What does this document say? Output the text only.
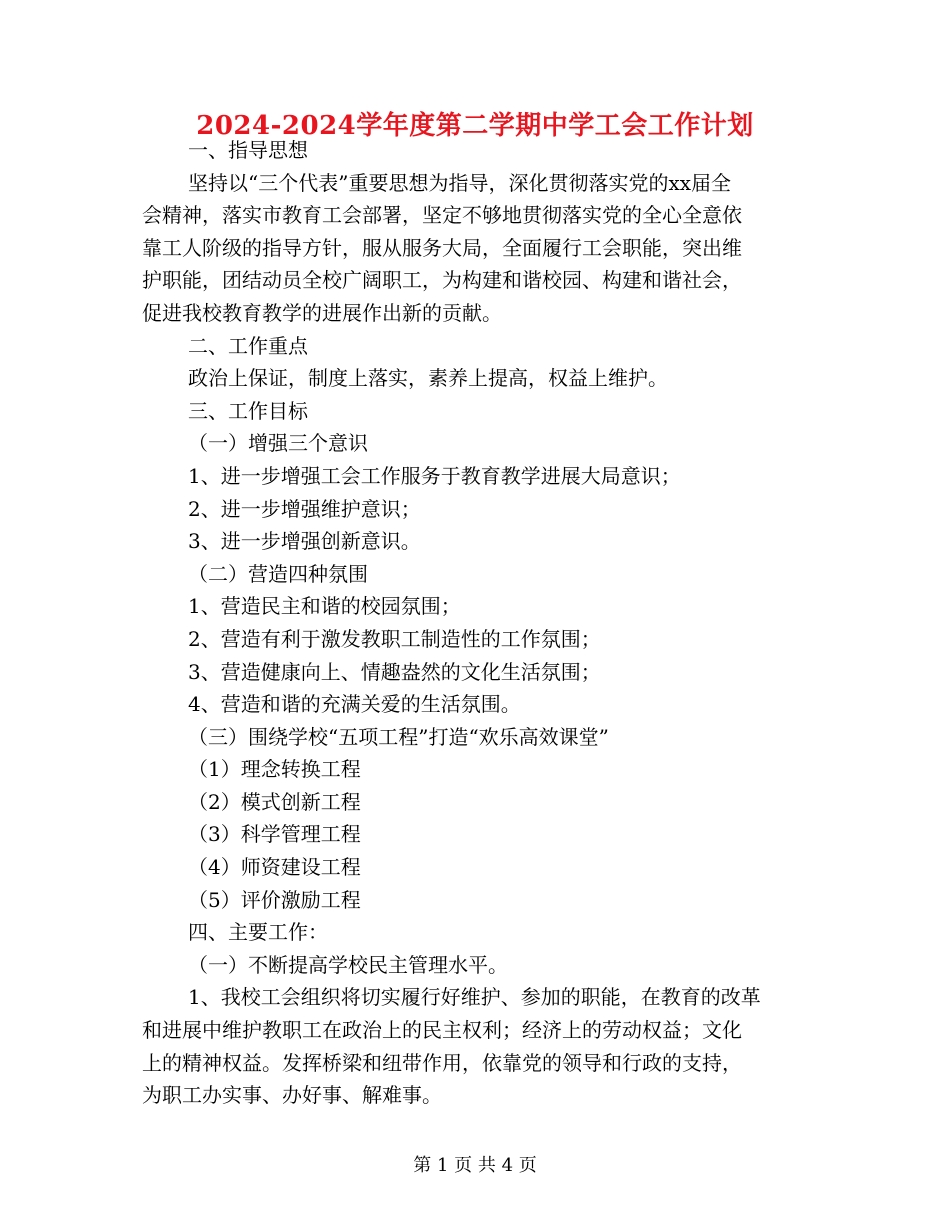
2024-2024学年度第二学期中学工会工作计划
一、指导思想
坚持以“三个代表”重要思想为指导，深化贯彻落实党的xx届全
会精神，落实市教育工会部署，坚定不够地贯彻落实党的全心全意依
靠工人阶级的指导方针，服从服务大局，全面履行工会职能，突出维
护职能，团结动员全校广阔职工，为构建和谐校园、构建和谐社会，
促进我校教育教学的进展作出新的贡献。
二、工作重点
政治上保证，制度上落实，素养上提高，权益上维护。
三、工作目标
（一）增强三个意识
1、进一步增强工会工作服务于教育教学进展大局意识；
2、进一步增强维护意识；
3、进一步增强创新意识。
（二）营造四种氛围
1、营造民主和谐的校园氛围；
2、营造有利于激发教职工制造性的工作氛围；
3、营造健康向上、情趣盎然的文化生活氛围；
4、营造和谐的充满关爱的生活氛围。
（三）围绕学校“五项工程”打造“欢乐高效课堂”
（1）理念转换工程
（2）模式创新工程
（3）科学管理工程
（4）师资建设工程
（5）评价激励工程
四、主要工作：
（一）不断提高学校民主管理水平。
1、我校工会组织将切实履行好维护、参加的职能，在教育的改革
和进展中维护教职工在政治上的民主权利；经济上的劳动权益；文化
上的精神权益。发挥桥梁和纽带作用，依靠党的领导和行政的支持，
为职工办实事、办好事、解难事。
第 1 页 共 4 页
